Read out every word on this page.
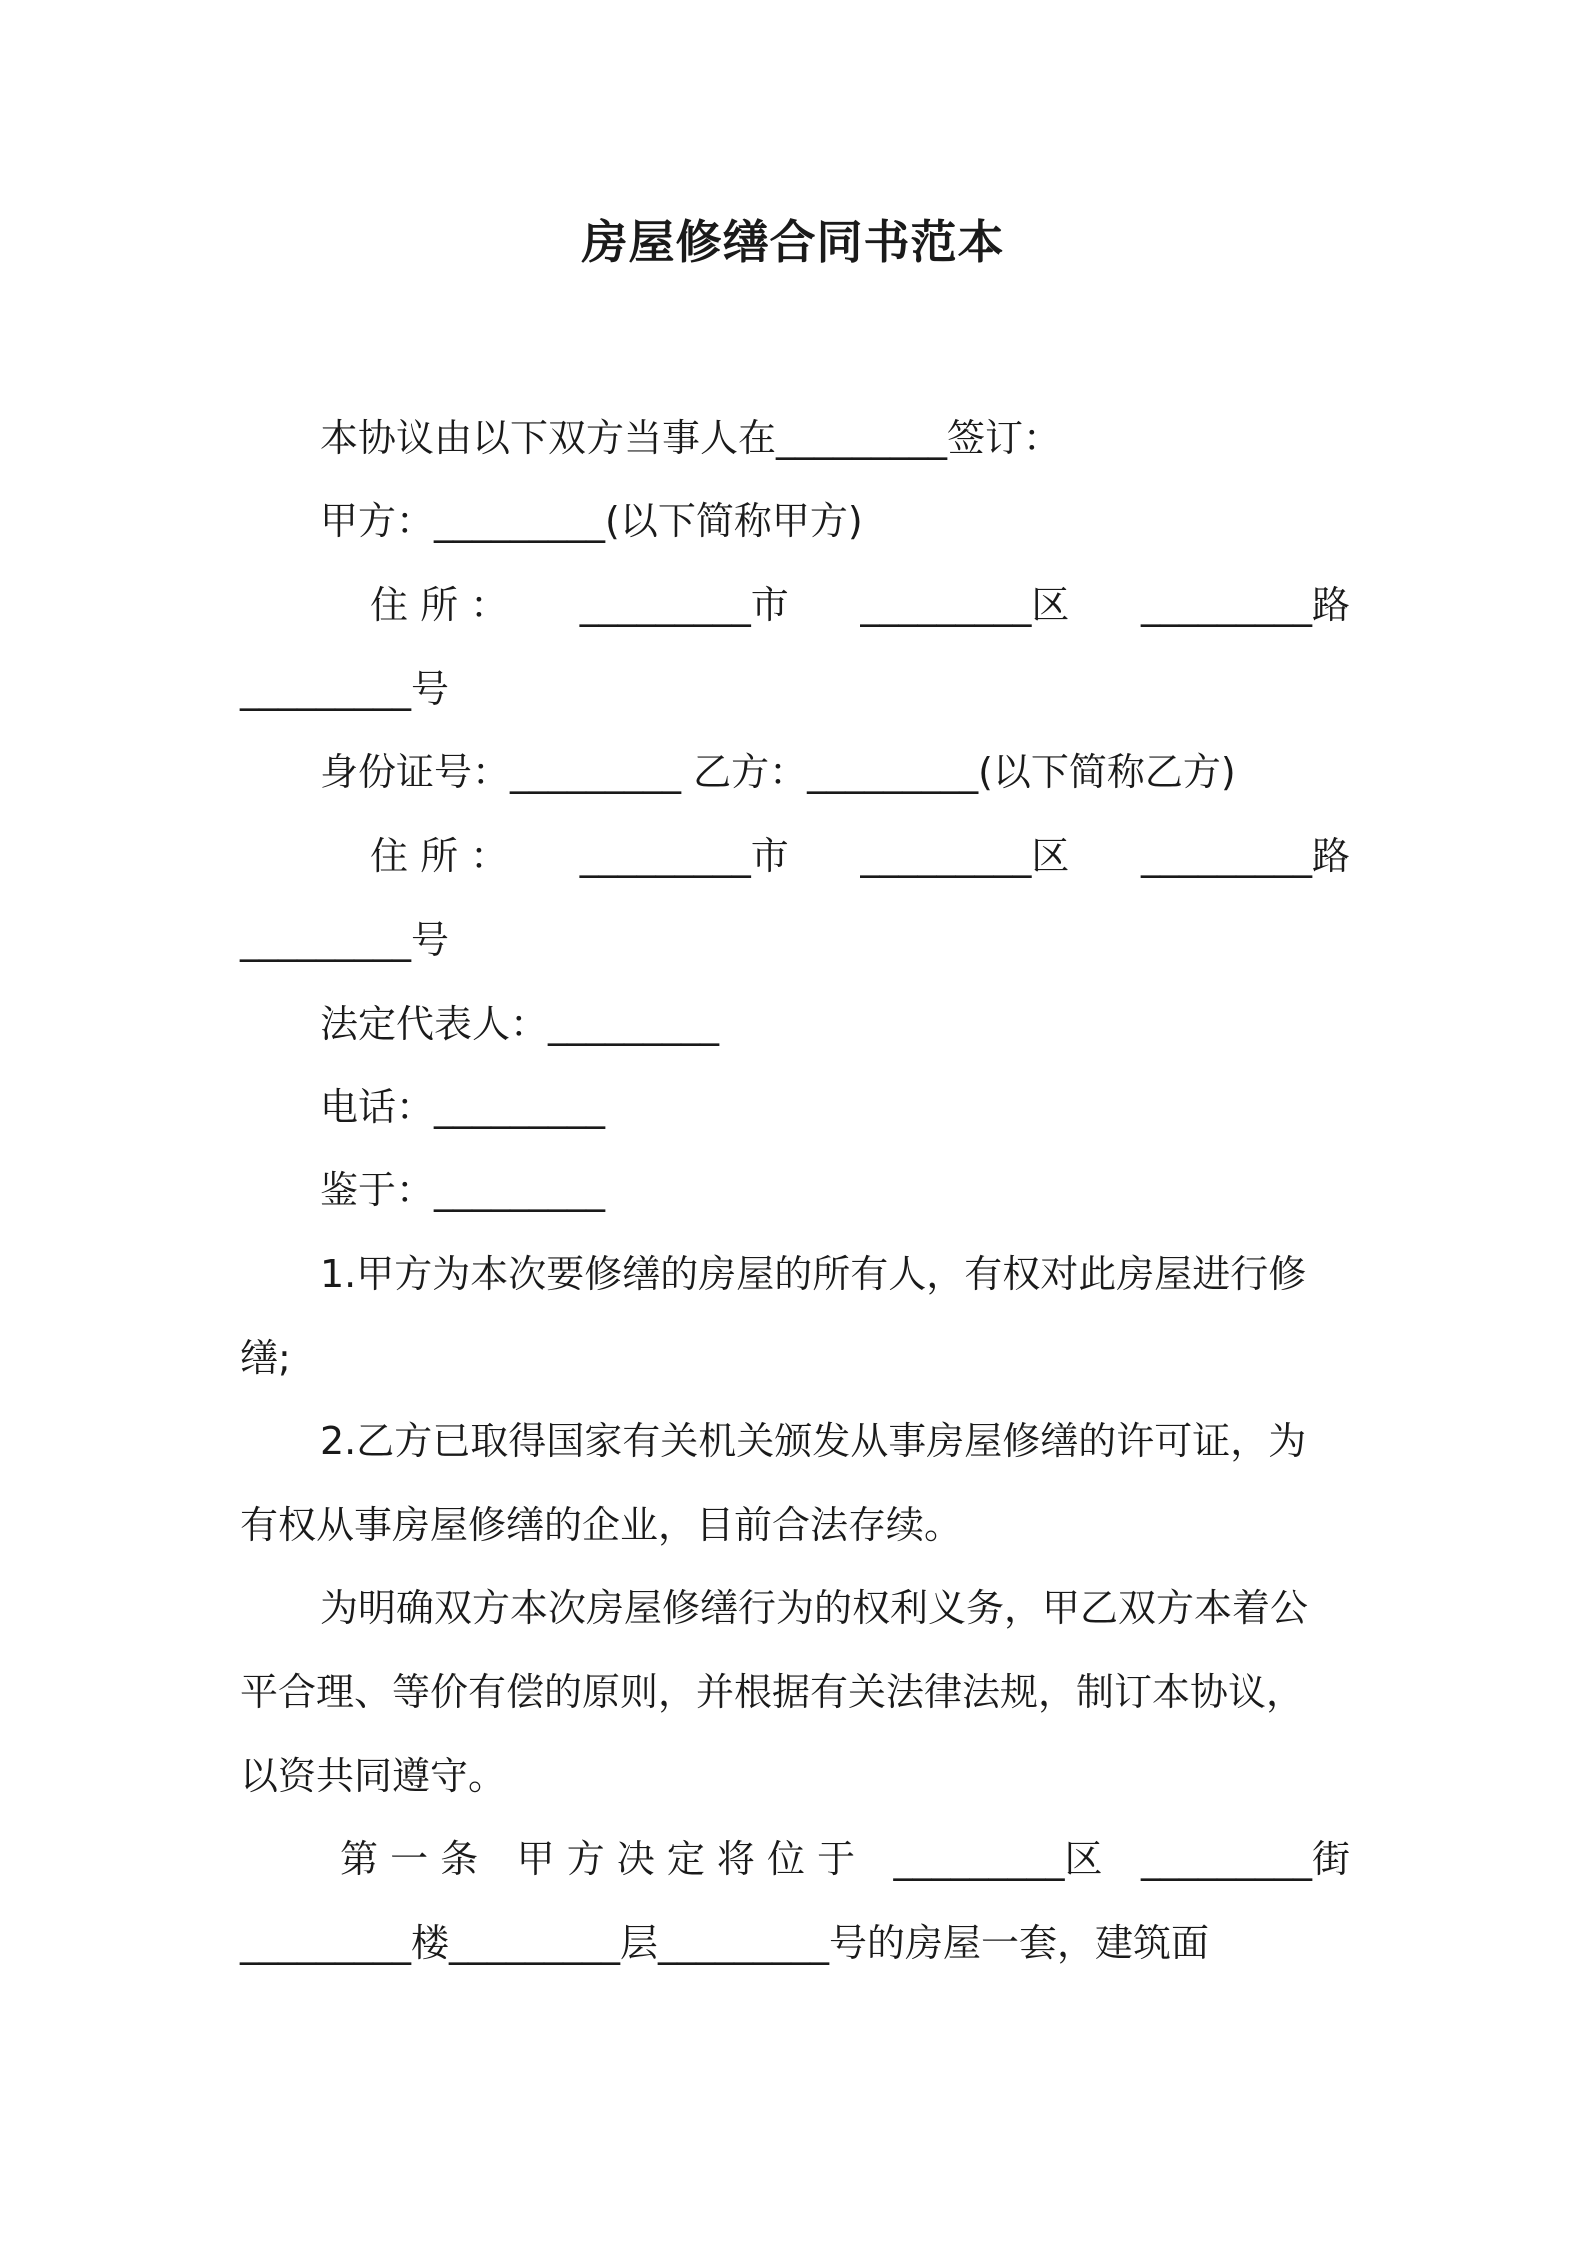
房屋修缮合同书范本
本协议由以下双方当事人在_________签订：
甲方：_________(以下简称甲方)
住 所 ： _________市 _________区 _________路
_________号
身份证号：_________ 乙方：_________(以下简称乙方)
住 所 ： _________市 _________区 _________路
_________号
法定代表人：_________
电话：_________
鉴于：_________
1.甲方为本次要修缮的房屋的所有人，有权对此房屋进行修
缮;
2.乙方已取得国家有关机关颁发从事房屋修缮的许可证，为
有权从事房屋修缮的企业，目前合法存续。
为明确双方本次房屋修缮行为的权利义务，甲乙双方本着公
平合理、等价有偿的原则，并根据有关法律法规，制订本协议，
以资共同遵守。
第 一 条 甲 方 决 定 将 位 于 _________区 _________街
_________楼_________层_________号的房屋一套，建筑面
